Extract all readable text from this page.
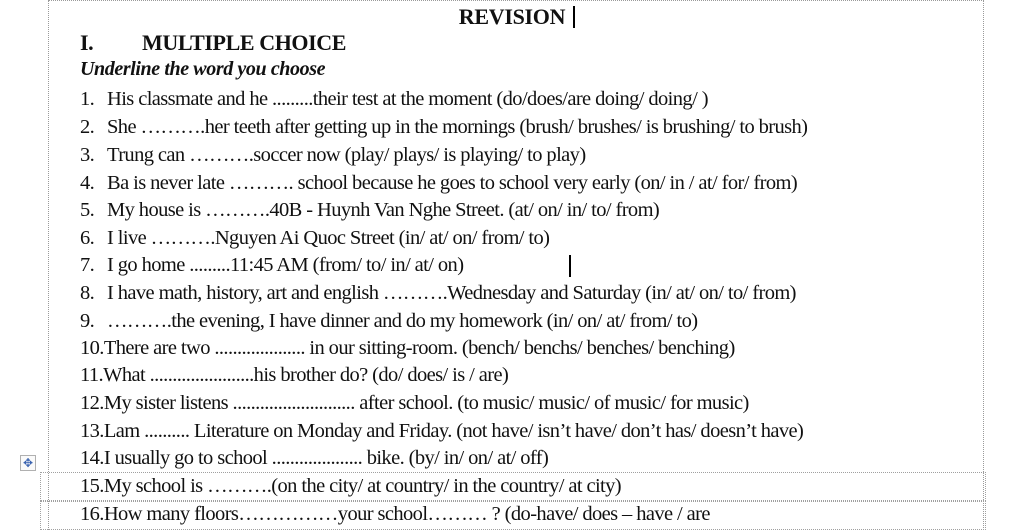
REVISION
I. MULTIPLE CHOICE
Underline the word you choose
✥
1. His classmate and he .........their test at the moment (do/does/are doing/ doing/ )
2. She ……….her teeth after getting up in the mornings (brush/ brushes/ is brushing/ to brush)
3. Trung can ……….soccer now (play/ plays/ is playing/ to play)
4. Ba is never late ………. school because he goes to school very early (on/ in / at/ for/ from)
5. My house is ……….40B - Huynh Van Nghe Street. (at/ on/ in/ to/ from)
6. I live ……….Nguyen Ai Quoc Street (in/ at/ on/ from/ to)
7. I go home .........11:45 AM (from/ to/ in/ at/ on)
8. I have math, history, art and english ……….Wednesday and Saturday (in/ at/ on/ to/ from)
9. ……….the evening, I have dinner and do my homework (in/ on/ at/ from/ to)
10.There are two .................... in our sitting-room. (bench/ benchs/ benches/ benching)
11.What .......................his brother do? (do/ does/ is / are)
12.My sister listens ........................... after school. (to music/ music/ of music/ for music)
13.Lam .......... Literature on Monday and Friday. (not have/ isn’t have/ don’t has/ doesn’t have)
14.I usually go to school .................... bike. (by/ in/ on/ at/ off)
15.My school is ……….(on the city/ at country/ in the country/ at city)
16.How many floors……………your school……… ? (do-have/ does – have / are
